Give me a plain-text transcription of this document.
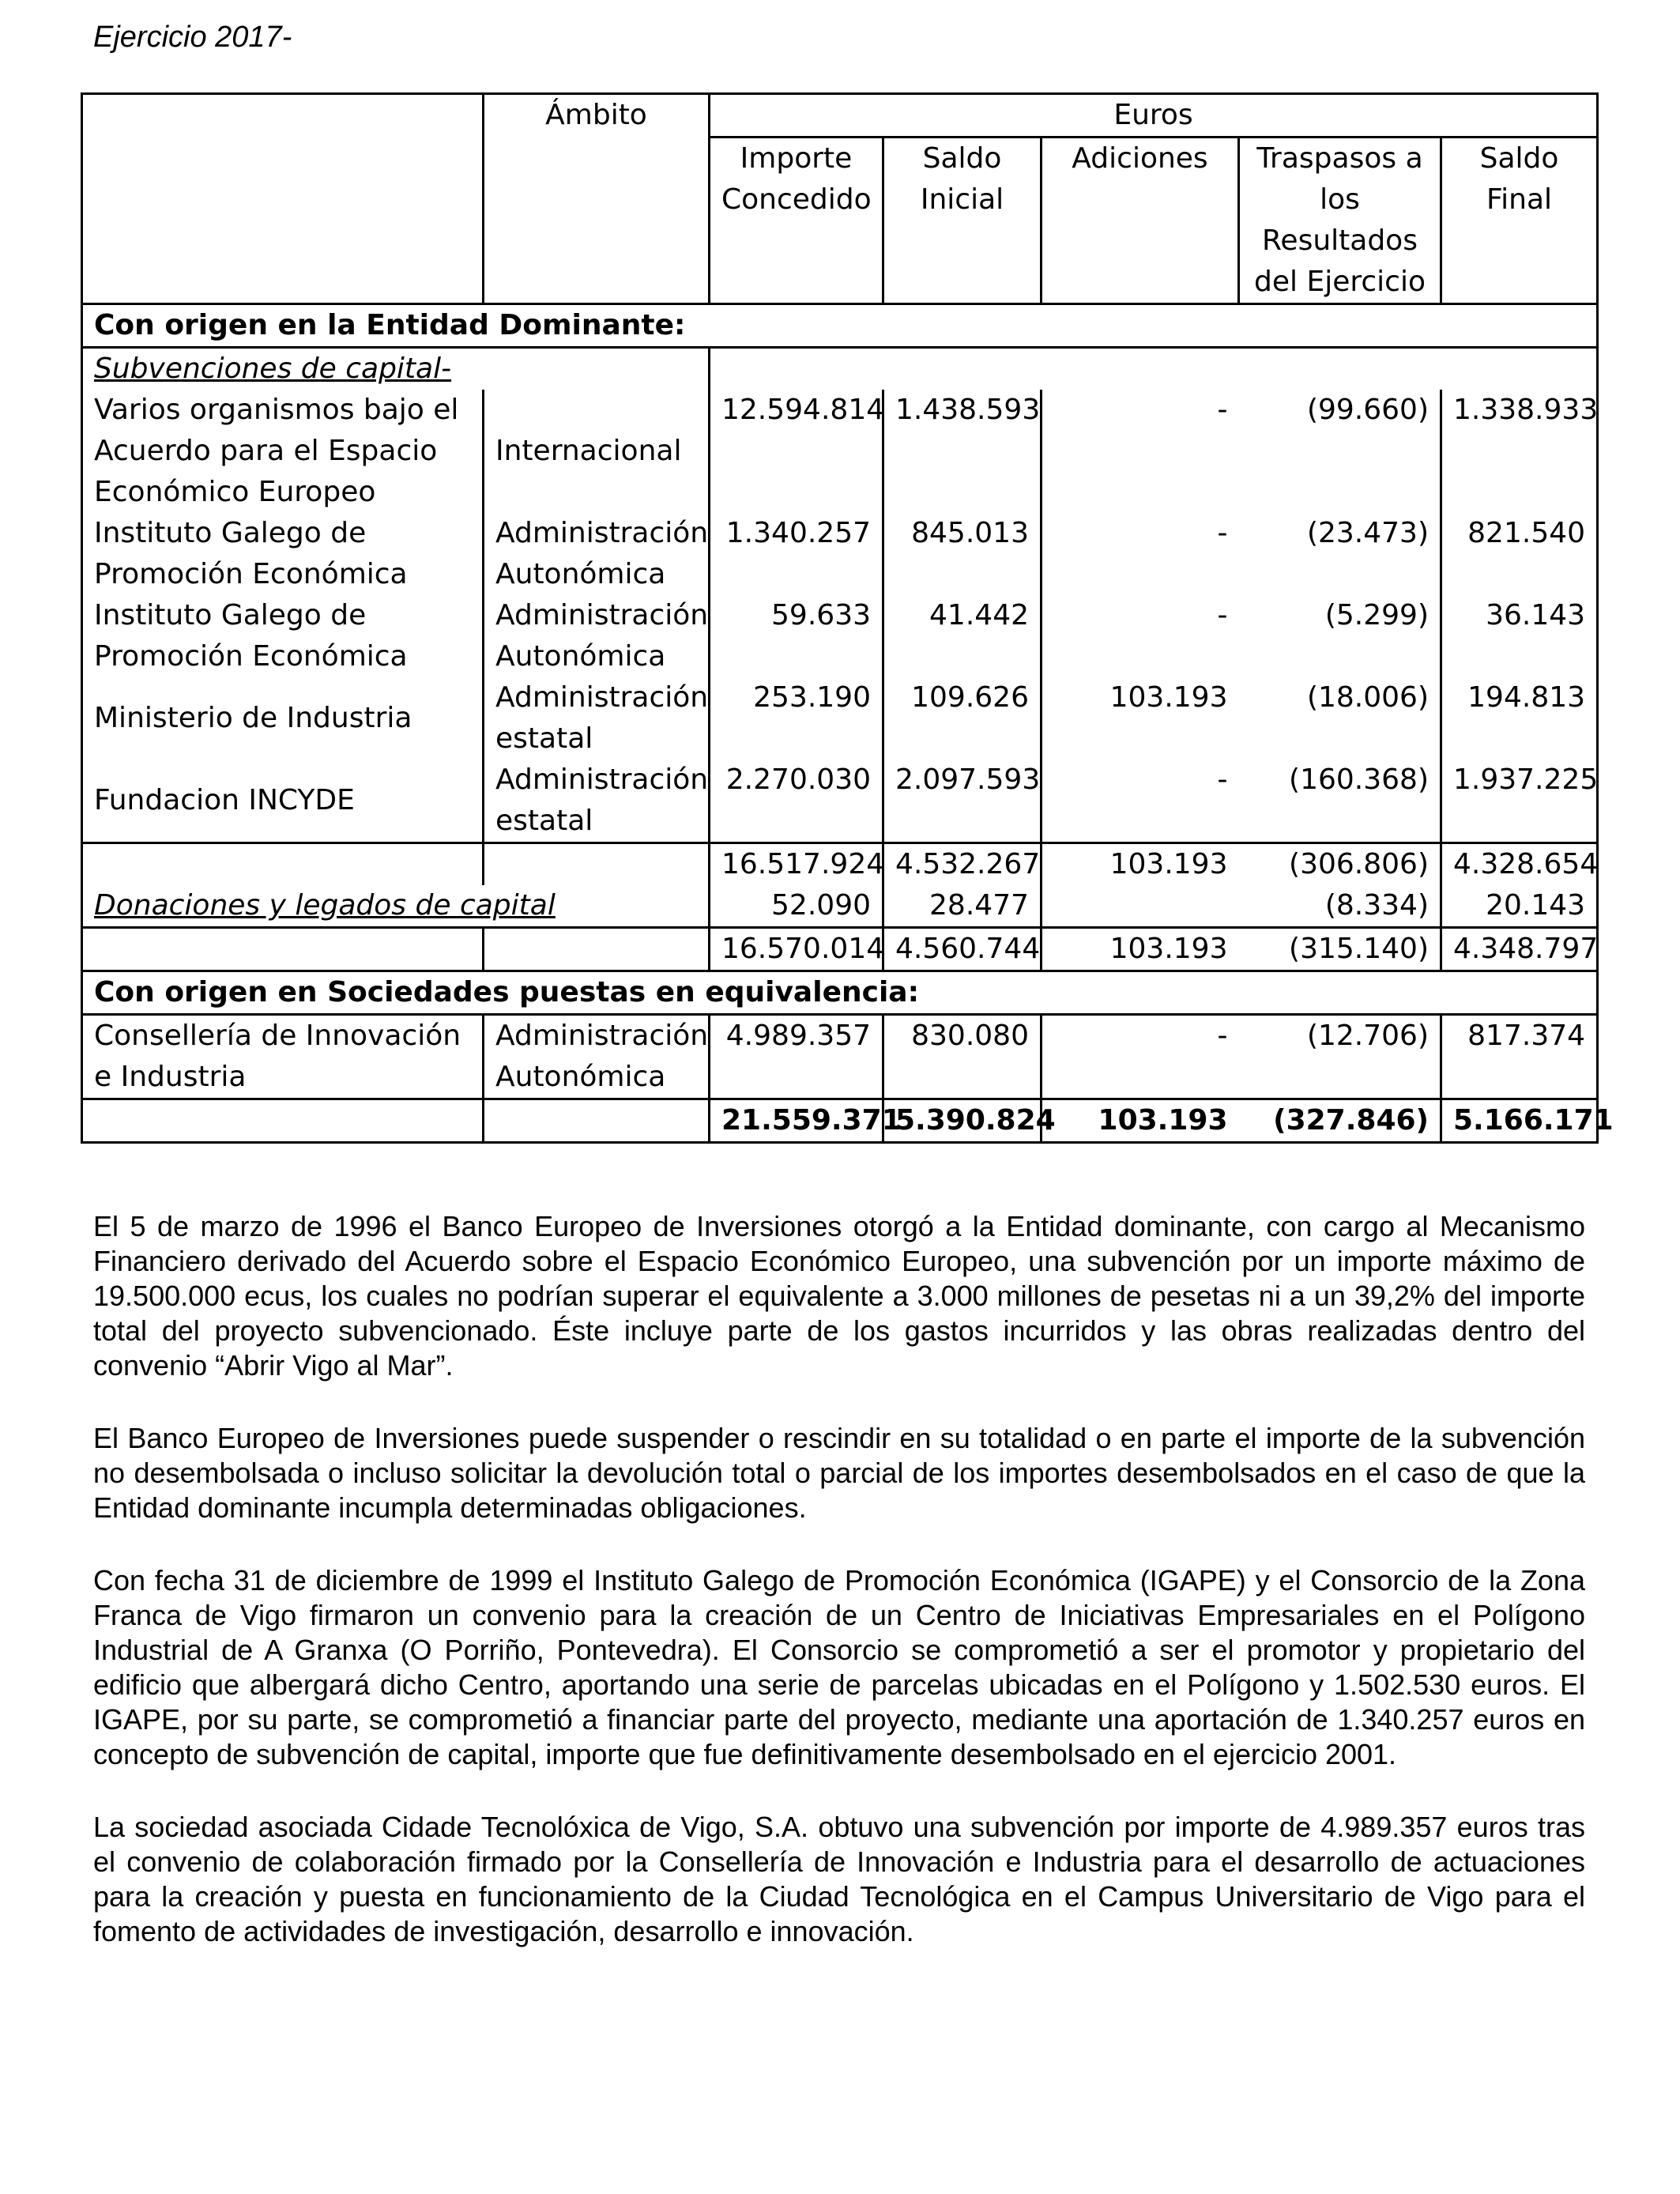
Ejercicio 2017-
	Ámbito	Euros				
		Importe Concedido	Saldo Inicial	Adiciones	Traspasos a los Resultados del Ejercicio	Saldo Final
Con origen en la Entidad Dominante:						
Subvenciones de capital-						
Varios organismos bajo el Acuerdo para el Espacio Económico Europeo	Internacional	12.594.814	1.438.593	-	(99.660)	1.338.933
Instituto Galego de Promoción Económica	Administración Autonómica	1.340.257	845.013	-	(23.473)	821.540
Instituto Galego de Promoción Económica	Administración Autonómica	59.633	41.442	-	(5.299)	36.143
Ministerio de Industria	Administración estatal	253.190	109.626	103.193	(18.006)	194.813
Fundacion INCYDE	Administración estatal	2.270.030	2.097.593	-	(160.368)	1.937.225
		16.517.924	4.532.267	103.193	(306.806)	4.328.654
Donaciones y legados de capital		52.090	28.477		(8.334)	20.143
		16.570.014	4.560.744	103.193	(315.140)	4.348.797
Con origen en Sociedades puestas en equivalencia:						
Consellería de Innovación e Industria	Administración Autonómica	4.989.357	830.080	-	(12.706)	817.374
		21.559.371	5.390.824	103.193	(327.846)	5.166.171

El 5 de marzo de 1996 el Banco Europeo de Inversiones otorgó a la Entidad dominante, con cargo al Mecanismo Financiero derivado del Acuerdo sobre el Espacio Económico Europeo, una subvención por un importe máximo de 19.500.000 ecus, los cuales no podrían superar el equivalente a 3.000 millones de pesetas ni a un 39,2% del importe total del proyecto subvencionado. Éste incluye parte de los gastos incurridos y las obras realizadas dentro del convenio “Abrir Vigo al Mar”.

El Banco Europeo de Inversiones puede suspender o rescindir en su totalidad o en parte el importe de la subvención no desembolsada o incluso solicitar la devolución total o parcial de los importes desembolsados en el caso de que la Entidad dominante incumpla determinadas obligaciones.

Con fecha 31 de diciembre de 1999 el Instituto Galego de Promoción Económica (IGAPE) y el Consorcio de la Zona Franca de Vigo firmaron un convenio para la creación de un Centro de Iniciativas Empresariales en el Polígono Industrial de A Granxa (O Porriño, Pontevedra). El Consorcio se comprometió a ser el promotor y propietario del edificio que albergará dicho Centro, aportando una serie de parcelas ubicadas en el Polígono y 1.502.530 euros. El IGAPE, por su parte, se comprometió a financiar parte del proyecto, mediante una aportación de 1.340.257 euros en concepto de subvención de capital, importe que fue definitivamente desembolsado en el ejercicio 2001.

La sociedad asociada Cidade Tecnolóxica de Vigo, S.A. obtuvo una subvención por importe de 4.989.357 euros tras el convenio de colaboración firmado por la Consellería de Innovación e Industria para el desarrollo de actuaciones para la creación y puesta en funcionamiento de la Ciudad Tecnológica en el Campus Universitario de Vigo para el fomento de actividades de investigación, desarrollo e innovación.
